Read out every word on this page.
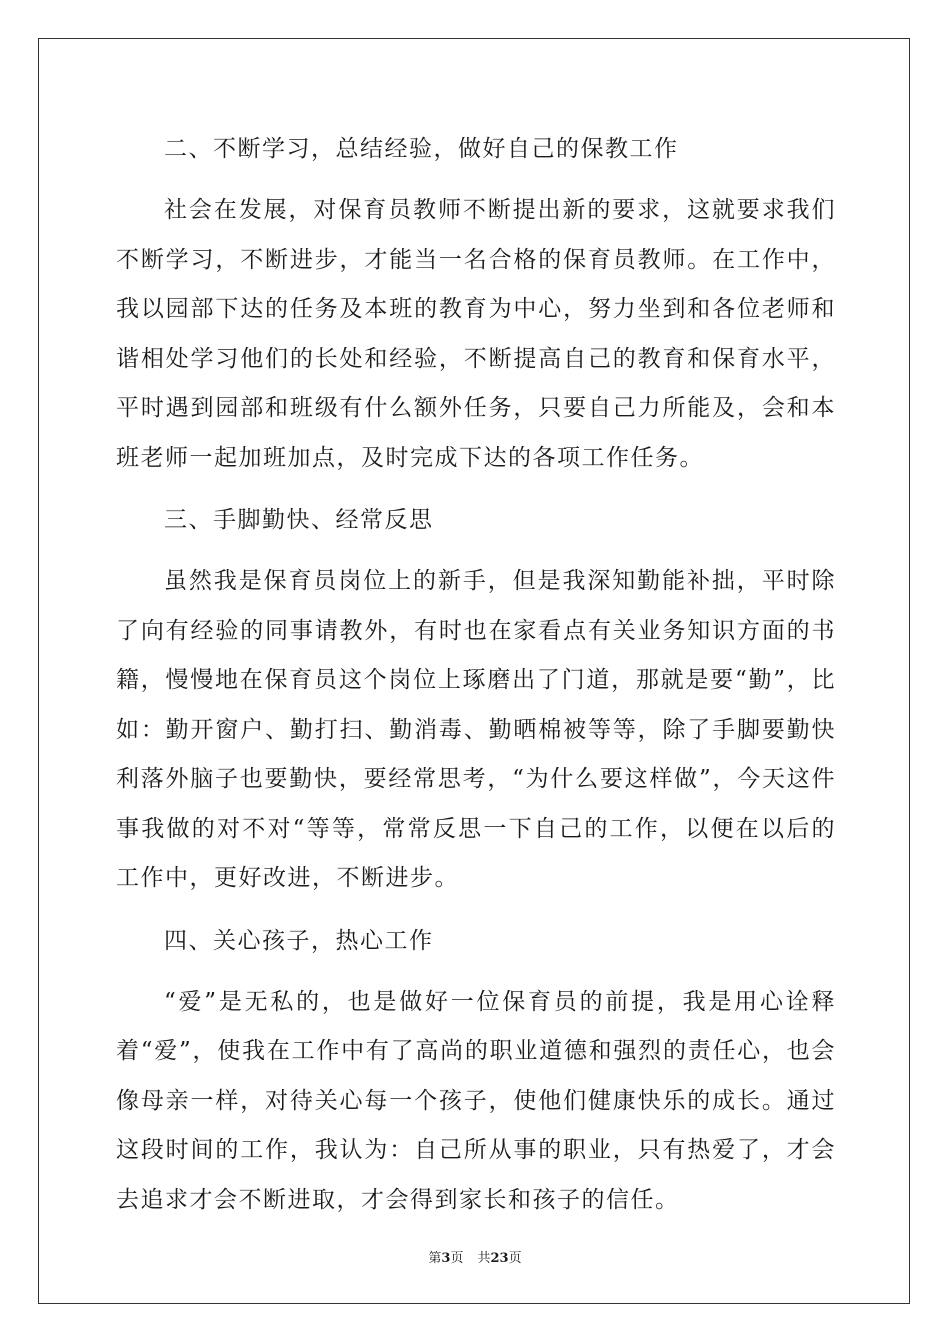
二、不断学习，总结经验，做好自己的保教工作

社会在发展，对保育员教师不断提出新的要求，这就要求我们不断学习，不断进步，才能当一名合格的保育员教师。在工作中，我以园部下达的任务及本班的教育为中心，努力坐到和各位老师和谐相处学习他们的长处和经验，不断提高自己的教育和保育水平，平时遇到园部和班级有什么额外任务，只要自己力所能及，会和本班老师一起加班加点，及时完成下达的各项工作任务。

三、手脚勤快、经常反思

虽然我是保育员岗位上的新手，但是我深知勤能补拙，平时除了向有经验的同事请教外，有时也在家看点有关业务知识方面的书籍，慢慢地在保育员这个岗位上琢磨出了门道，那就是要“勤”，比如：勤开窗户、勤打扫、勤消毒、勤晒棉被等等，除了手脚要勤快利落外脑子也要勤快，要经常思考，“为什么要这样做”，今天这件事我做的对不对“等等，常常反思一下自己的工作，以便在以后的工作中，更好改进，不断进步。

四、关心孩子，热心工作

“爱”是无私的，也是做好一位保育员的前提，我是用心诠释着“爱”，使我在工作中有了高尚的职业道德和强烈的责任心，也会像母亲一样，对待关心每一个孩子，使他们健康快乐的成长。通过这段时间的工作，我认为：自己所从事的职业，只有热爱了，才会去追求才会不断进取，才会得到家长和孩子的信任。

第3页 共23页
